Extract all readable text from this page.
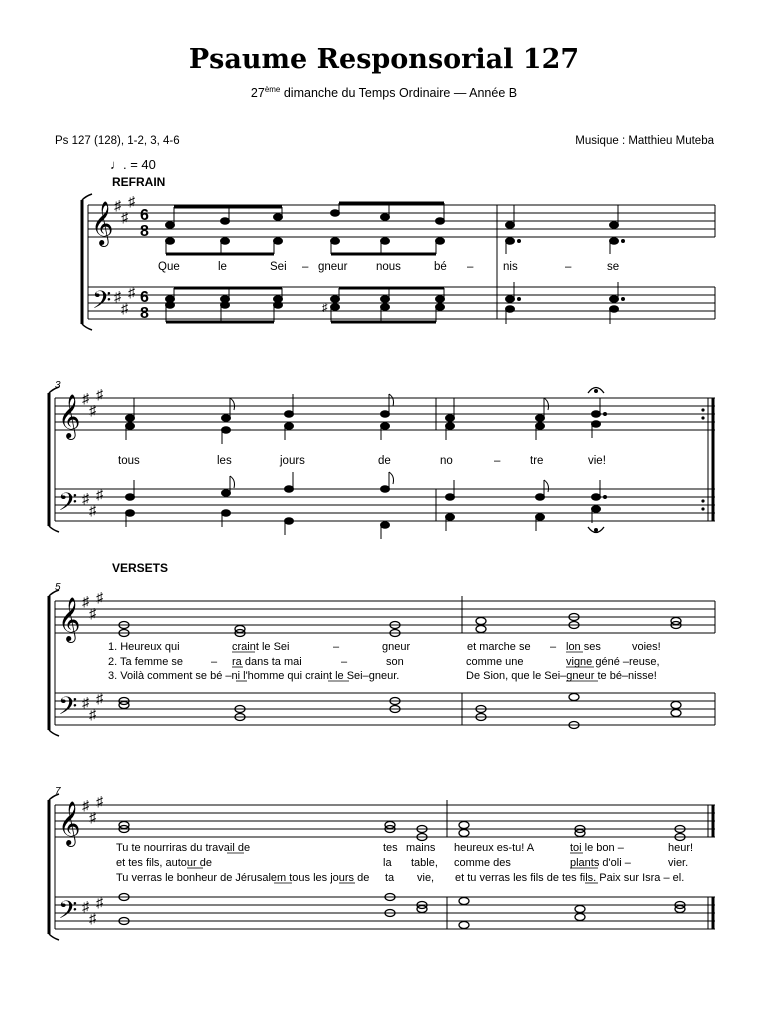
Psaume Responsorial 127
27ème dimanche du Temps Ordinaire — Année B
Ps 127 (128), 1-2, 3, 4-6	Musique : Matthieu Muteba
♩. = 40
REFRAIN
VERSETS
𝄞
𝄢
♯
♯
♯
♯
♯
♯
6
8
6
8	♯
Que	le	Sei – gneur nous	bé –	nis	–	se
3
𝄞
𝄢
♯
♯
♯
♯
♯
♯
tous	les	jours	de	no	–	tre	vie!
5
𝄞
𝄢
♯
♯
♯
♯
♯
♯
1. Heureux qui	craint le Sei	–	gneur	et marche se – lon ses	voies!
2. Ta femme se	– ra dans ta mai	–	son	comme une	vigne géné –reuse,
3. Voilà comment se bé –ni l'homme qui craint le Sei–gneur.	De Sion, que le Sei–gneur te bé–nisse!
7
𝄞
𝄢
♯
♯
♯
♯
♯
♯
Tu te nourriras du travail de	tes mains heureux es-tu! A	toi le bon –	heur!
et tes fils, autour de	la table, comme des	plants d'oli –	vier.
Tu verras le bonheur de Jérusalem tous les jours de ta vie, et tu verras les fils de tes fils. Paix sur Isra – el.
